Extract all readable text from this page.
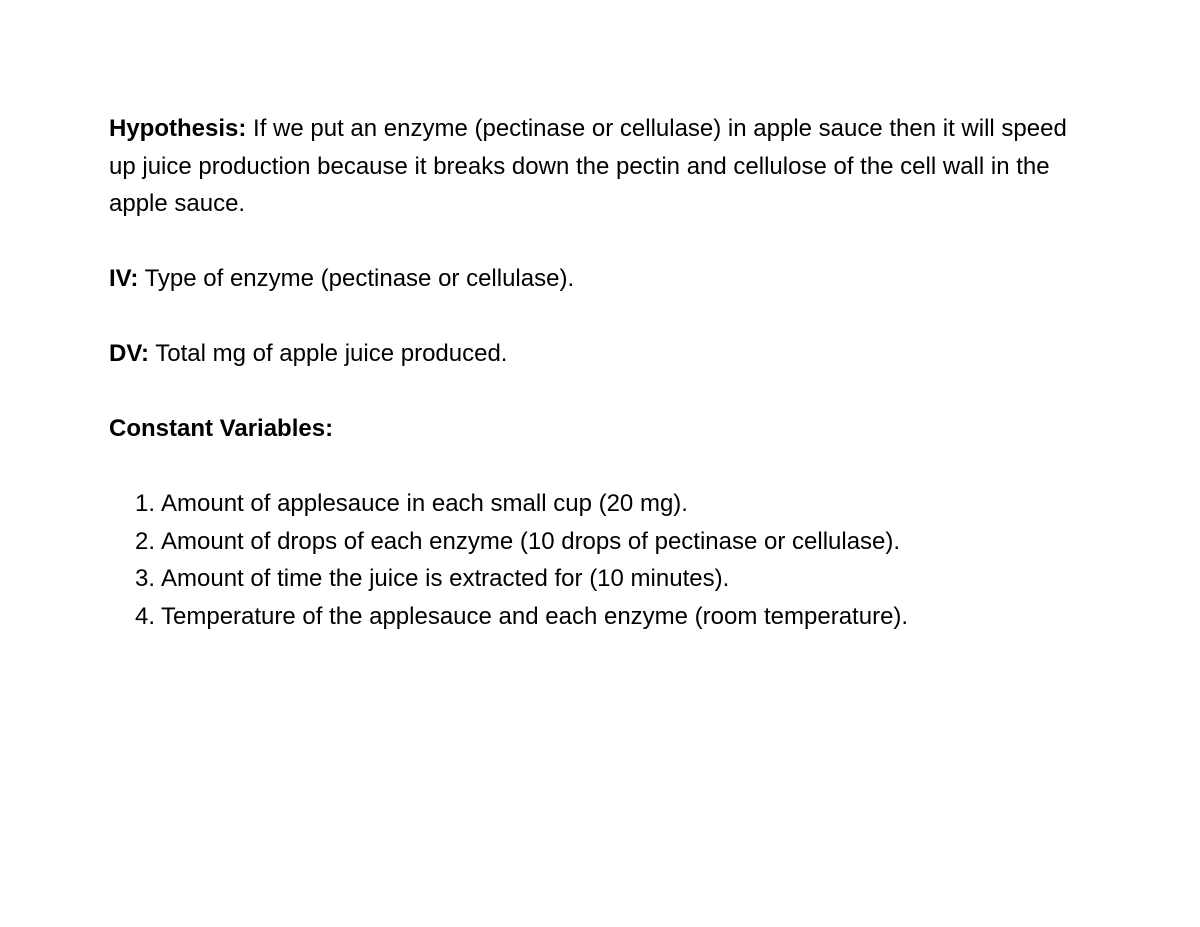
Hypothesis: If we put an enzyme (pectinase or cellulase) in apple sauce then it will speed up juice production because it breaks down the pectin and cellulose of the cell wall in the apple sauce.

IV: Type of enzyme (pectinase or cellulase).

DV: Total mg of apple juice produced.

Constant Variables:

1. Amount of applesauce in each small cup (20 mg).
2. Amount of drops of each enzyme (10 drops of pectinase or cellulase).
3. Amount of time the juice is extracted for (10 minutes).
4. Temperature of the applesauce and each enzyme (room temperature).
